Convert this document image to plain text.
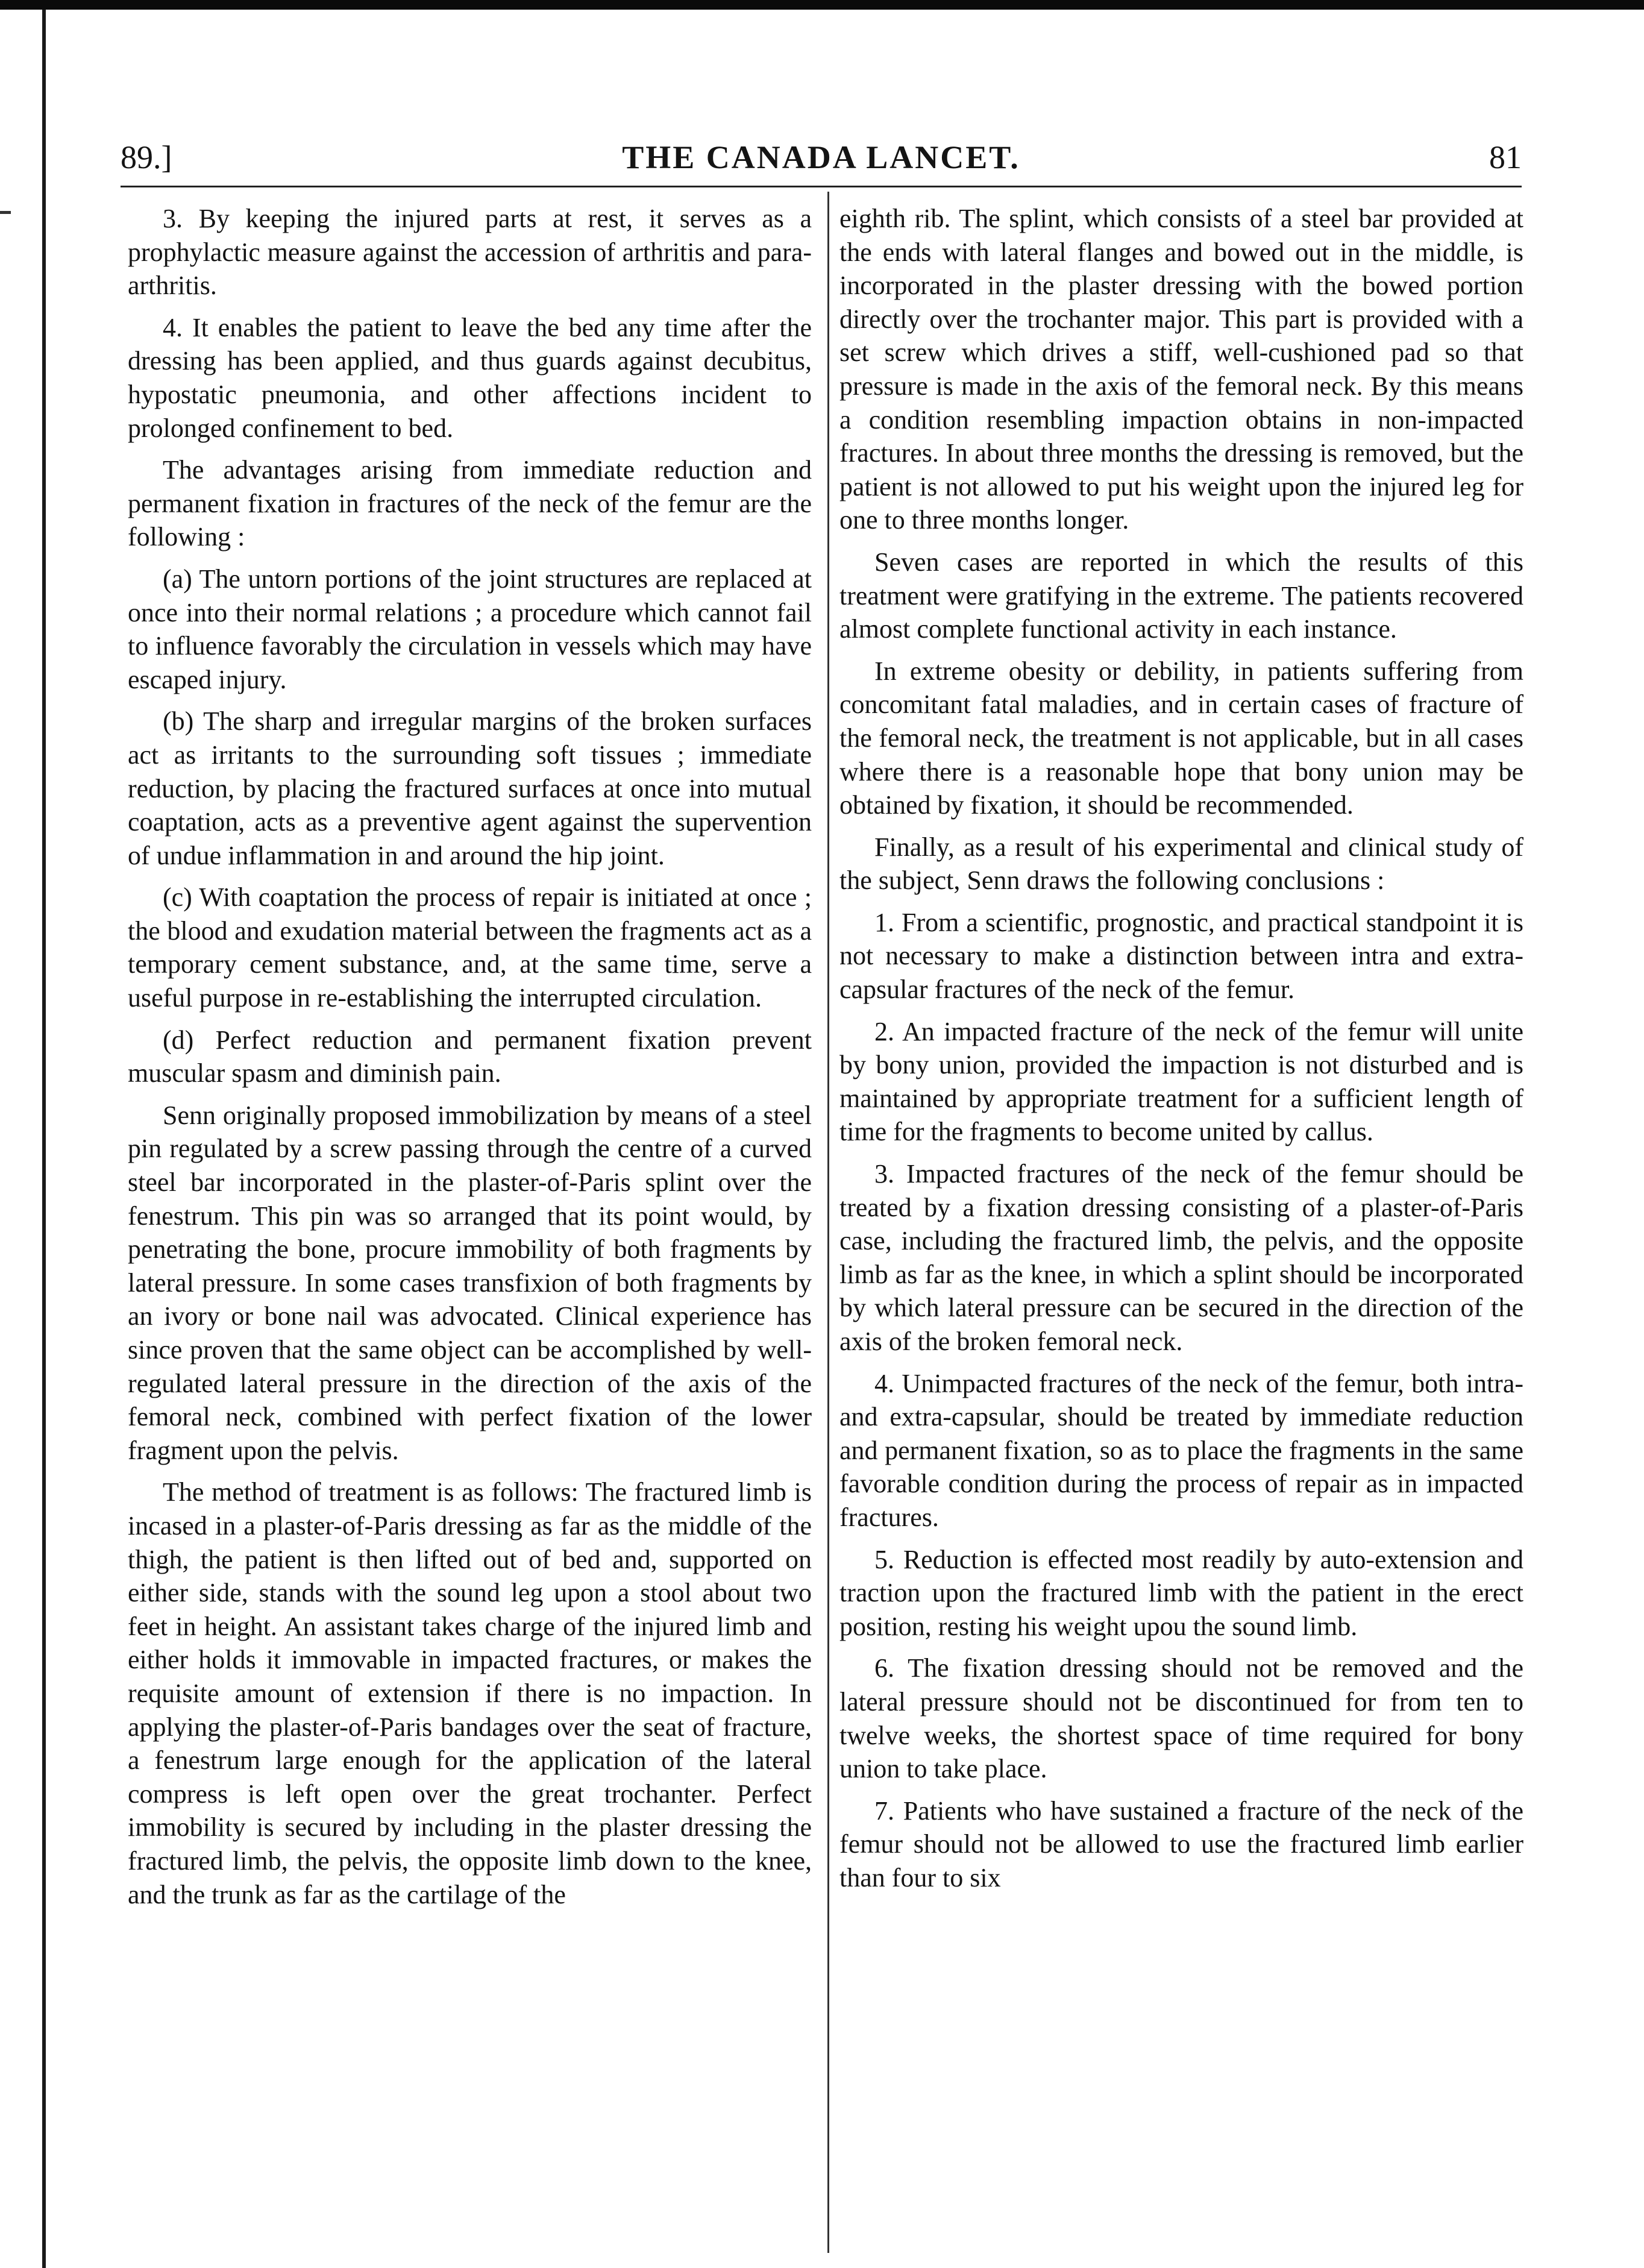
89.]	THE CANADA LANCET.	81

3. By keeping the injured parts at rest, it serves as a prophylactic measure against the accession of arthritis and para-arthritis.

4. It enables the patient to leave the bed any time after the dressing has been applied, and thus guards against decubitus, hypostatic pneumonia, and other affections incident to prolonged confinement to bed.

The advantages arising from immediate reduction and permanent fixation in fractures of the neck of the femur are the following :

(a) The untorn portions of the joint structures are replaced at once into their normal relations ; a procedure which cannot fail to influence favorably the circulation in vessels which may have escaped injury.

(b) The sharp and irregular margins of the broken surfaces act as irritants to the surrounding soft tissues ; immediate reduction, by placing the fractured surfaces at once into mutual coaptation, acts as a preventive agent against the supervention of undue inflammation in and around the hip joint.

(c) With coaptation the process of repair is initiated at once ; the blood and exudation material between the fragments act as a temporary cement substance, and, at the same time, serve a useful purpose in re-establishing the interrupted circulation.

(d) Perfect reduction and permanent fixation prevent muscular spasm and diminish pain.

Senn originally proposed immobilization by means of a steel pin regulated by a screw passing through the centre of a curved steel bar incorporated in the plaster-of-Paris splint over the fenestrum. This pin was so arranged that its point would, by penetrating the bone, procure immobility of both fragments by lateral pressure. In some cases transfixion of both fragments by an ivory or bone nail was advocated. Clinical experience has since proven that the same object can be accomplished by well-regulated lateral pressure in the direction of the axis of the femoral neck, combined with perfect fixation of the lower fragment upon the pelvis.

The method of treatment is as follows: The fractured limb is incased in a plaster-of-Paris dressing as far as the middle of the thigh, the patient is then lifted out of bed and, supported on either side, stands with the sound leg upon a stool about two feet in height. An assistant takes charge of the injured limb and either holds it immovable in impacted fractures, or makes the requisite amount of extension if there is no impaction. In applying the plaster-of-Paris bandages over the seat of fracture, a fenestrum large enough for the application of the lateral compress is left open over the great trochanter. Perfect immobility is secured by including in the plaster dressing the fractured limb, the pelvis, the opposite limb down to the knee, and the trunk as far as the cartilage of the

eighth rib. The splint, which consists of a steel bar provided at the ends with lateral flanges and bowed out in the middle, is incorporated in the plaster dressing with the bowed portion directly over the trochanter major. This part is provided with a set screw which drives a stiff, well-cushioned pad so that pressure is made in the axis of the femoral neck. By this means a condition resembling impaction obtains in non-impacted fractures. In about three months the dressing is removed, but the patient is not allowed to put his weight upon the injured leg for one to three months longer.

Seven cases are reported in which the results of this treatment were gratifying in the extreme. The patients recovered almost complete functional activity in each instance.

In extreme obesity or debility, in patients suffering from concomitant fatal maladies, and in certain cases of fracture of the femoral neck, the treatment is not applicable, but in all cases where there is a reasonable hope that bony union may be obtained by fixation, it should be recommended.

Finally, as a result of his experimental and clinical study of the subject, Senn draws the following conclusions :

1. From a scientific, prognostic, and practical standpoint it is not necessary to make a distinction between intra and extra-capsular fractures of the neck of the femur.

2. An impacted fracture of the neck of the femur will unite by bony union, provided the impaction is not disturbed and is maintained by appropriate treatment for a sufficient length of time for the fragments to become united by callus.

3. Impacted fractures of the neck of the femur should be treated by a fixation dressing consisting of a plaster-of-Paris case, including the fractured limb, the pelvis, and the opposite limb as far as the knee, in which a splint should be incorporated by which lateral pressure can be secured in the direction of the axis of the broken femoral neck.

4. Unimpacted fractures of the neck of the femur, both intra- and extra-capsular, should be treated by immediate reduction and permanent fixation, so as to place the fragments in the same favorable condition during the process of repair as in impacted fractures.

5. Reduction is effected most readily by auto-extension and traction upon the fractured limb with the patient in the erect position, resting his weight upou the sound limb.

6. The fixation dressing should not be removed and the lateral pressure should not be discontinued for from ten to twelve weeks, the shortest space of time required for bony union to take place.

7. Patients who have sustained a fracture of the neck of the femur should not be allowed to use the fractured limb earlier than four to six
